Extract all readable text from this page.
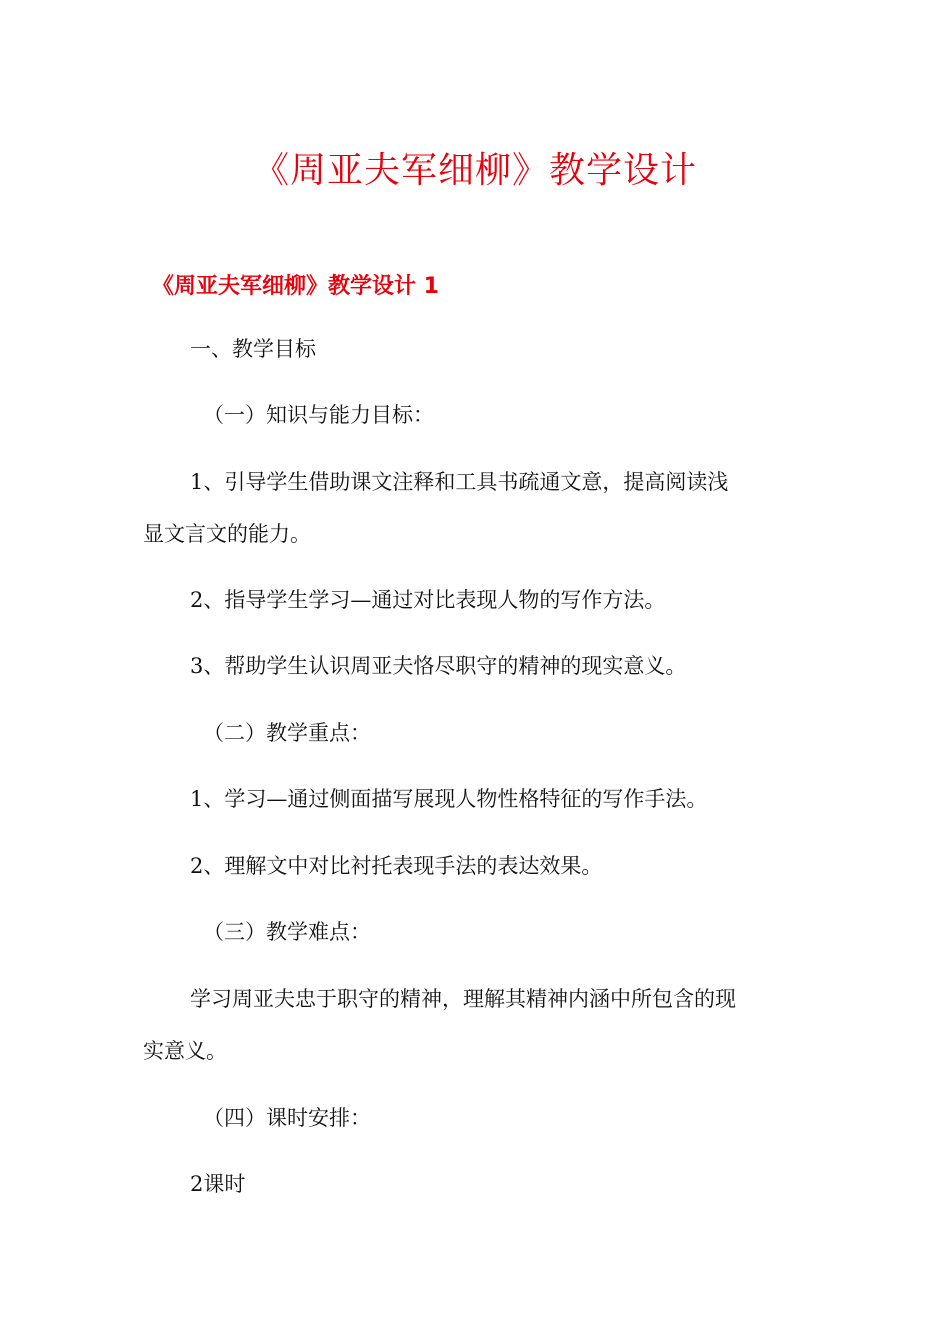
《周亚夫军细柳》教学设计
《周亚夫军细柳》教学设计 1
一、教学目标
（一）知识与能力目标：
1、引导学生借助课文注释和工具书疏通文意，提高阅读浅
显文言文的能力。
2、指导学生学习—通过对比表现人物的写作方法。
3、帮助学生认识周亚夫恪尽职守的精神的现实意义。
（二）教学重点：
1、学习—通过侧面描写展现人物性格特征的写作手法。
2、理解文中对比衬托表现手法的表达效果。
（三）教学难点：
学习周亚夫忠于职守的精神，理解其精神内涵中所包含的现
实意义。
（四）课时安排：
2课时
